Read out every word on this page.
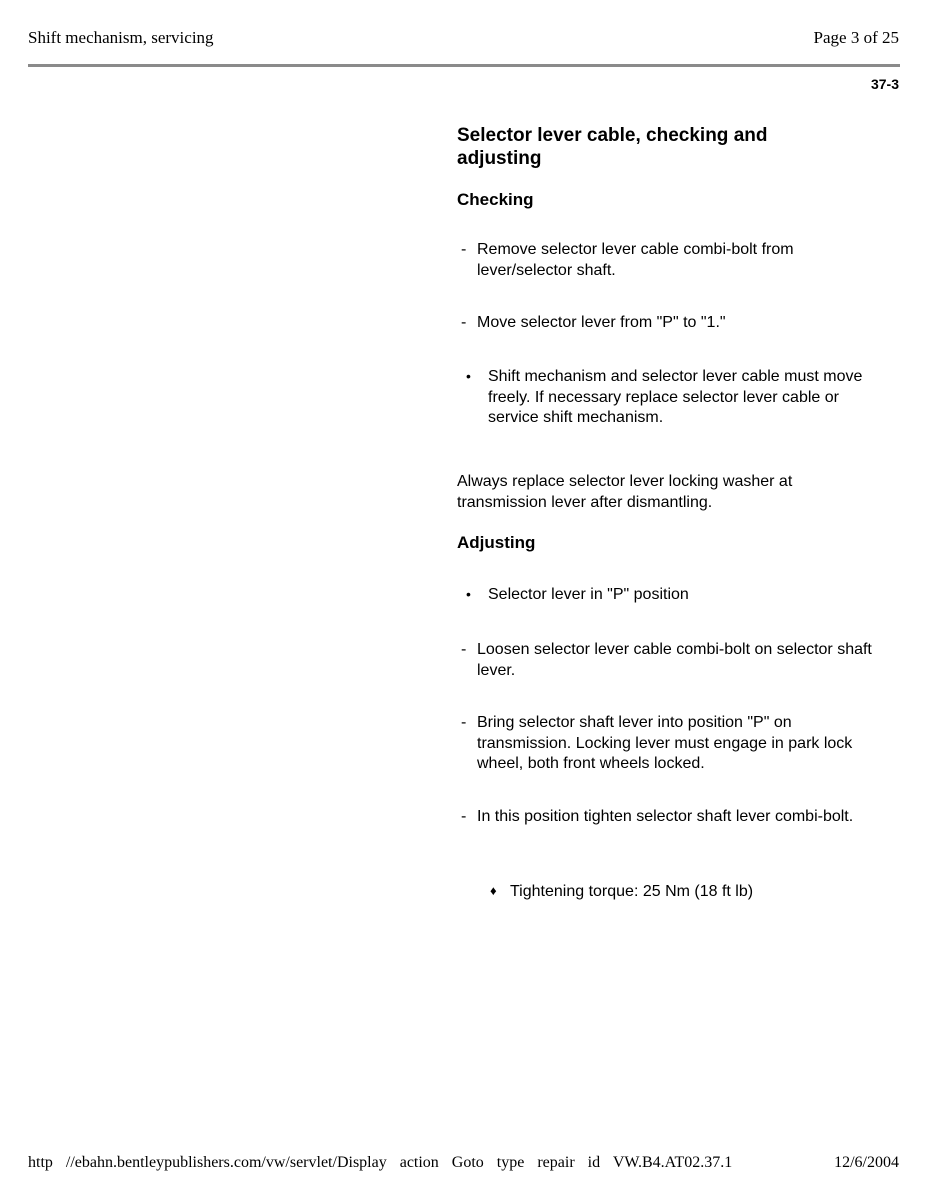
Shift mechanism, servicing	Page 3 of 25
37-3
Selector lever cable, checking and adjusting
Checking
- Remove selector lever cable combi-bolt from lever/selector shaft.
- Move selector lever from "P" to "1."
•	Shift mechanism and selector lever cable must move freely. If necessary replace selector lever cable or service shift mechanism.
Always replace selector lever locking washer at transmission lever after dismantling.
Adjusting
•	Selector lever in "P" position
- Loosen selector lever cable combi-bolt on selector shaft lever.
- Bring selector shaft lever into position "P" on transmission. Locking lever must engage in park lock wheel, both front wheels locked.
- In this position tighten selector shaft lever combi-bolt.
♦ Tightening torque: 25 Nm (18 ft lb)
http //ebahn.bentleypublishers.com/vw/servlet/Display action Goto type repair id VW.B4.AT02.37.1	12/6/2004
